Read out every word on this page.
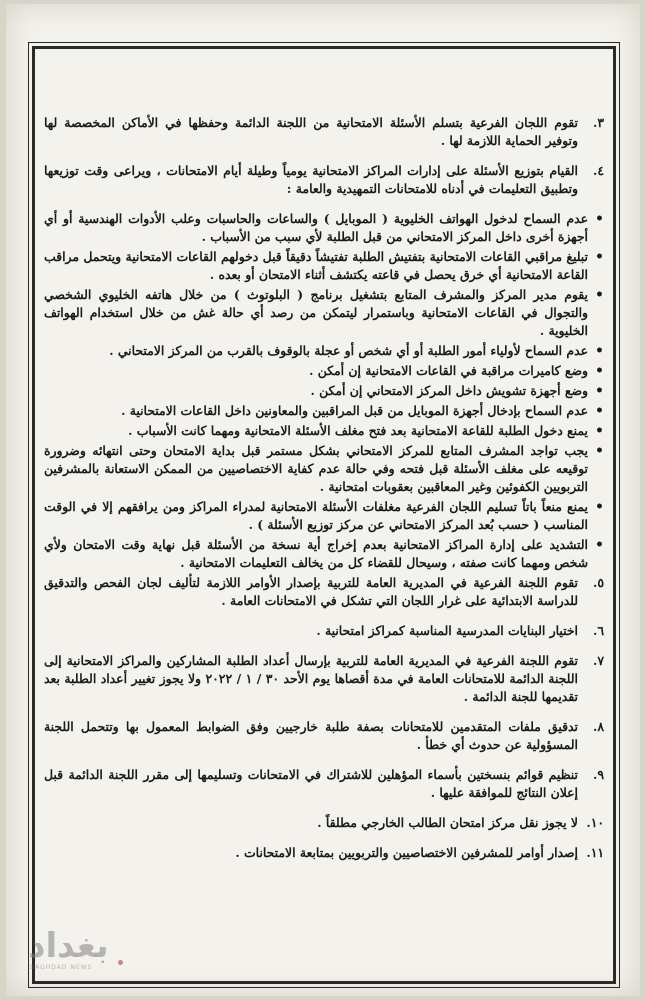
٣.
تقوم اللجان الفرعية بتسلم الأسئلة الامتحانية من اللجنة الدائمة وحفظها في الأماكن المخصصة لها وتوفير الحماية اللازمة لها .
٤.
القيام بتوزيع الأسئلة على إدارات المراكز الامتحانية يومياً وطيلة أيام الامتحانات ، ويراعى وقت توزيعها وتطبيق التعليمات في أدناه للامتحانات التمهيدية والعامة :
•
عدم السماح لدخول الهواتف الخليوية ( الموبايل ) والساعات والحاسبات وعلب الأدوات الهندسية أو أي أجهزة أخرى داخل المركز الامتحاني من قبل الطلبة لأي سبب من الأسباب .
•
تبليغ مراقبي القاعات الامتحانية بتفتيش الطلبة تفتيشاً دقيقاً قبل دخولهم القاعات الامتحانية ويتحمل مراقب القاعة الامتحانية أي خرق يحصل في قاعته يكتشف أثناء الامتحان أو بعده .
•
يقوم مدير المركز والمشرف المتابع بتشغيل برنامج ( البلوتوث ) من خلال هاتفه الخليوي الشخصي والتجوال في القاعات الامتحانية وباستمرار ليتمكن من رصد أي حالة غش من خلال استخدام الهواتف الخليوية .
•
عدم السماح لأولياء أمور الطلبة أو أي شخص أو عجلة بالوقوف بالقرب من المركز الامتحاني .
•
وضع كاميرات مراقبة في القاعات الامتحانية إن أمكن .
•
وضع أجهزة تشويش داخل المركز الامتحاني إن أمكن .
•
عدم السماح بإدخال أجهزة الموبايل من قبل المراقبين والمعاونين داخل القاعات الامتحانية .
•
يمنع دخول الطلبة للقاعة الامتحانية بعد فتح مغلف الأسئلة الامتحانية ومهما كانت الأسباب .
•
يجب تواجد المشرف المتابع للمركز الامتحاني بشكل مستمر قبل بداية الامتحان وحتى انتهائه وضرورة توقيعه على مغلف الأسئلة قبل فتحه وفي حالة عدم كفاية الاختصاصيين من الممكن الاستعانة بالمشرفين التربويين الكفوئين وغير المعاقبين بعقوبات امتحانية .
•
يمنع منعاً باتاً تسليم اللجان الفرعية مغلفات الأسئلة الامتحانية لمدراء المراكز ومن يرافقهم إلا في الوقت المناسب ( حسب بُعد المركز الامتحاني عن مركز توزيع الأسئلة ) .
•
التشديد على إدارة المراكز الامتحانية بعدم إخراج أية نسخة من الأسئلة قبل نهاية وقت الامتحان ولأي شخص ومهما كانت صفته ، وسيحال للقضاء كل من يخالف التعليمات الامتحانية .
٥.
تقوم اللجنة الفرعية في المديرية العامة للتربية بإصدار الأوامر اللازمة لتأليف لجان الفحص والتدقيق للدراسة الابتدائية على غرار اللجان التي تشكل في الامتحانات العامة .
٦.
اختيار البنايات المدرسية المناسبة كمراكز امتحانية .
٧.
تقوم اللجنة الفرعية في المديرية العامة للتربية بإرسال أعداد الطلبة المشاركين والمراكز الامتحانية إلى اللجنة الدائمة للامتحانات العامة في مدة أقصاها يوم الأحد ٣٠ / ١ / ٢٠٢٢ ولا يجوز تغيير أعداد الطلبة بعد تقديمها للجنة الدائمة .
٨.
تدقيق ملفات المتقدمين للامتحانات بصفة طلبة خارجيين وفق الضوابط المعمول بها وتتحمل اللجنة المسؤولية عن حدوث أي خطأ .
٩.
تنظيم قوائم بنسختين بأسماء المؤهلين للاشتراك في الامتحانات وتسليمها إلى مقرر اللجنة الدائمة قبل إعلان النتائج للموافقة عليها .
١٠.
لا يجوز نقل مركز امتحان الطالب الخارجي مطلقاً .
١١.
إصدار أوامر للمشرفين الاختصاصيين والتربويين بمتابعة الامتحانات .
بغداد
BAGHDAD NEWS
